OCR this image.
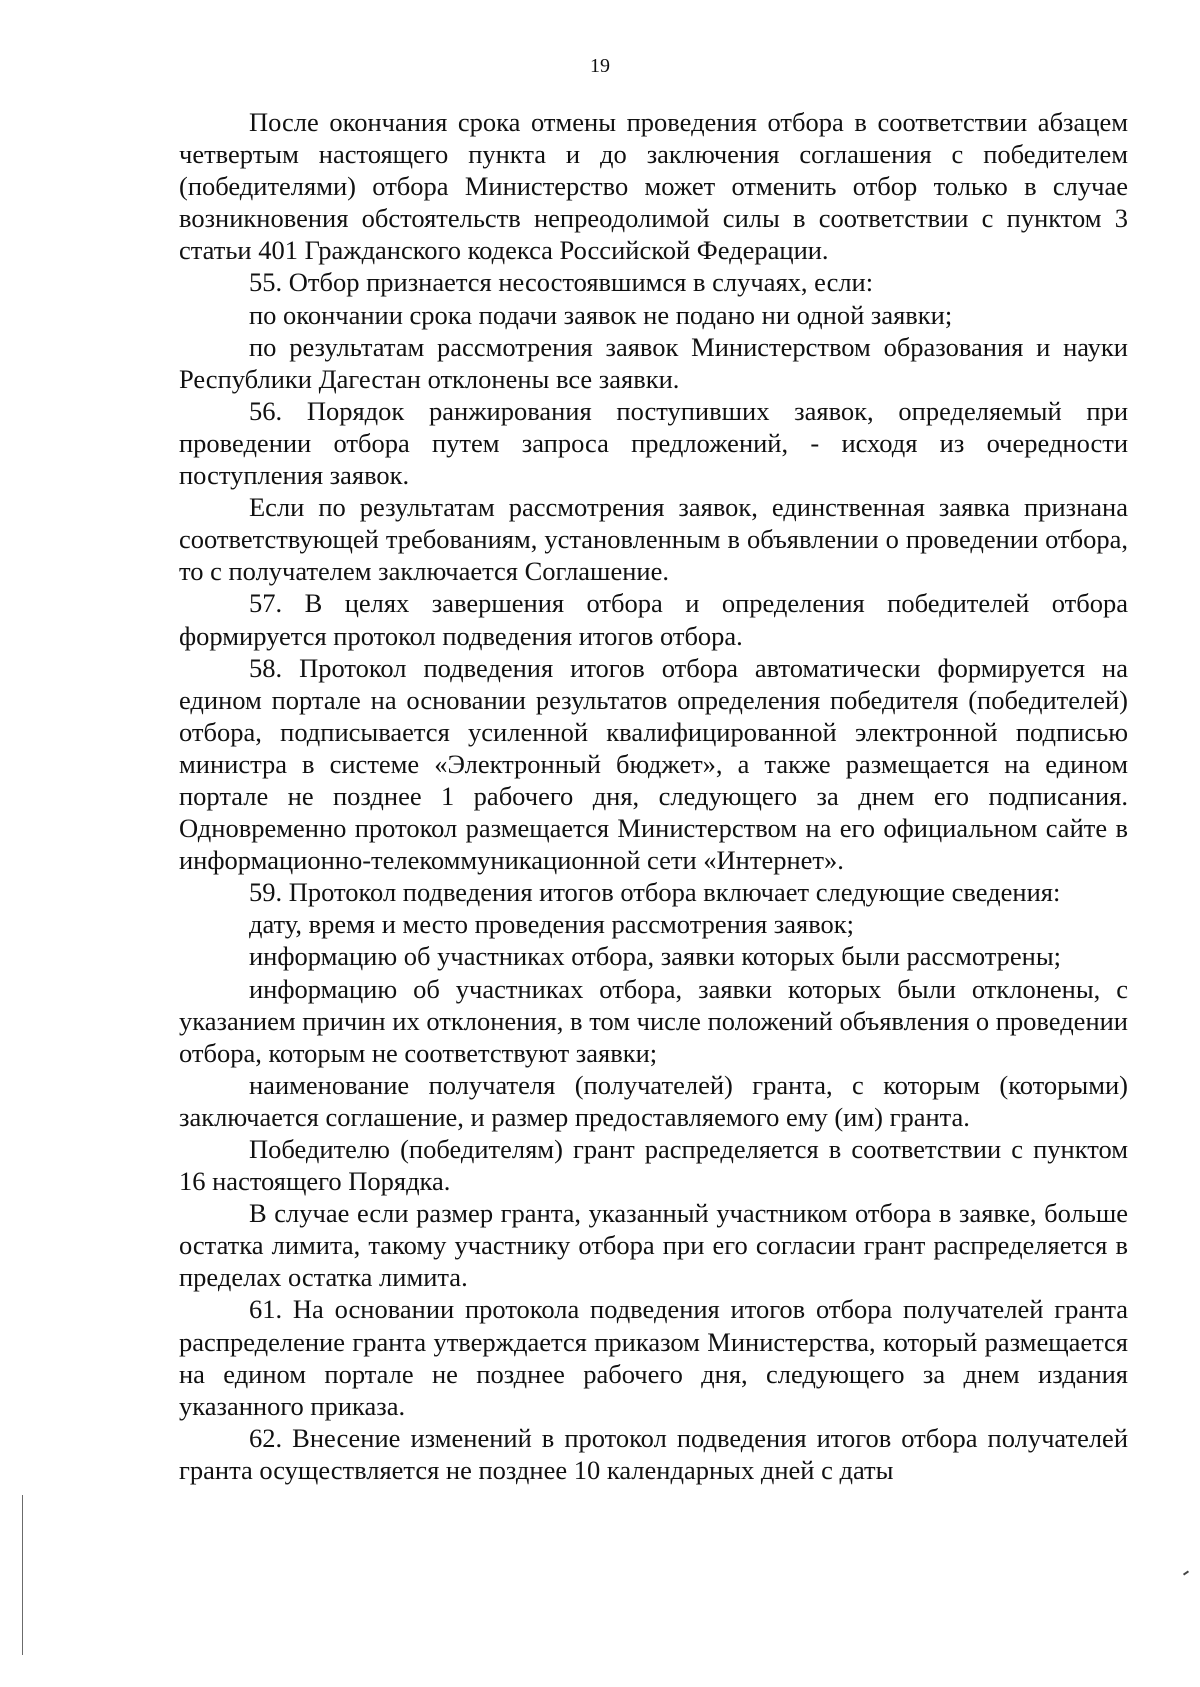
19

После окончания срока отмены проведения отбора в соответствии абзацем четвертым настоящего пункта и до заключения соглашения с победителем (победителями) отбора Министерство может отменить отбор только в случае возникновения обстоятельств непреодолимой силы в соответствии с пунктом 3 статьи 401 Гражданского кодекса Российской Федерации.

55. Отбор признается несостоявшимся в случаях, если:

по окончании срока подачи заявок не подано ни одной заявки;

по результатам рассмотрения заявок Министерством образования и науки Республики Дагестан отклонены все заявки.

56. Порядок ранжирования поступивших заявок, определяемый при проведении отбора путем запроса предложений, - исходя из очередности поступления заявок.

Если по результатам рассмотрения заявок, единственная заявка признана соответствующей требованиям, установленным в объявлении о проведении отбора, то с получателем заключается Соглашение.

57. В целях завершения отбора и определения победителей отбора формируется протокол подведения итогов отбора.

58. Протокол подведения итогов отбора автоматически формируется на едином портале на основании результатов определения победителя (победителей) отбора, подписывается усиленной квалифицированной электронной подписью министра в системе «Электронный бюджет», а также размещается на едином портале не позднее 1 рабочего дня, следующего за днем его подписания. Одновременно протокол размещается Министерством на его официальном сайте в информационно-телекоммуникационной сети «Интернет».

59. Протокол подведения итогов отбора включает следующие сведения:

дату, время и место проведения рассмотрения заявок;

информацию об участниках отбора, заявки которых были рассмотрены;

информацию об участниках отбора, заявки которых были отклонены, с указанием причин их отклонения, в том числе положений объявления о проведении отбора, которым не соответствуют заявки;

наименование получателя (получателей) гранта, с которым (которыми) заключается соглашение, и размер предоставляемого ему (им) гранта.

Победителю (победителям) грант распределяется в соответствии с пунктом 16 настоящего Порядка.

В случае если размер гранта, указанный участником отбора в заявке, больше остатка лимита, такому участнику отбора при его согласии грант распределяется в пределах остатка лимита.

61. На основании протокола подведения итогов отбора получателей гранта распределение гранта утверждается приказом Министерства, который размещается на едином портале не позднее рабочего дня, следующего за днем издания указанного приказа.

62. Внесение изменений в протокол подведения итогов отбора получателей гранта осуществляется не позднее 10 календарных дней с даты
